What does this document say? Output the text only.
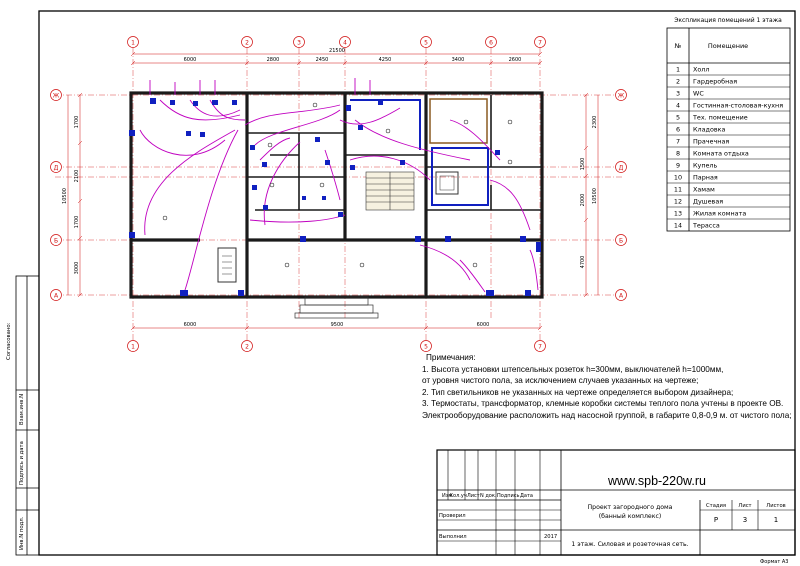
Согласовано:
Взам.инв.N
Подпись и дата
Инв.N подл.
1	2	3	4	5	6	7
1	2	5	7
Ж
Д
Б
А
Ж
Д
Б
А
21500
6000	2800	2450	4250	3400	2600
6000	9500	6000
1700
2100
1700
3000
10500
2300
1500
2000
4700
10500
Экспликация помещений 1 этажа
№	Помещение
1 Холл
2 Гардеробная
3 WC
4 Гостинная-столовая-кухня
5 Тех. помещение
6 Кладовка
7 Прачечная
8 Комната отдыха
9 Купель
10 Парная
11 Хамам
12 Душевая
13 Жилая комната
14 Терасса
Изм
Кол.уч Лист N док. Подпись Дата
Проверил
Выполнил	2017
Проект загородного дома
(банный комплекс)
Стадия Лист	Листов
Р	3	1
1 этаж. Силовая и розеточная сеть.
Формат А3
www.spb-220w.ru
Примечания:
1. Высота установки штепсельных розеток h=300мм, выключателей h=1000мм,
от уровня чистого пола, за исключением случаев указанных на чертеже;
2. Тип светильников не указанных на чертеже определяется выбором дизайнера;
3. Термостаты, трансформатор, клемные коробки системы теплого пола учтены в проекте ОВ.
Электрооборудование расположить над насосной группой, в габарите 0,8-0,9 м. от чистого пола;
